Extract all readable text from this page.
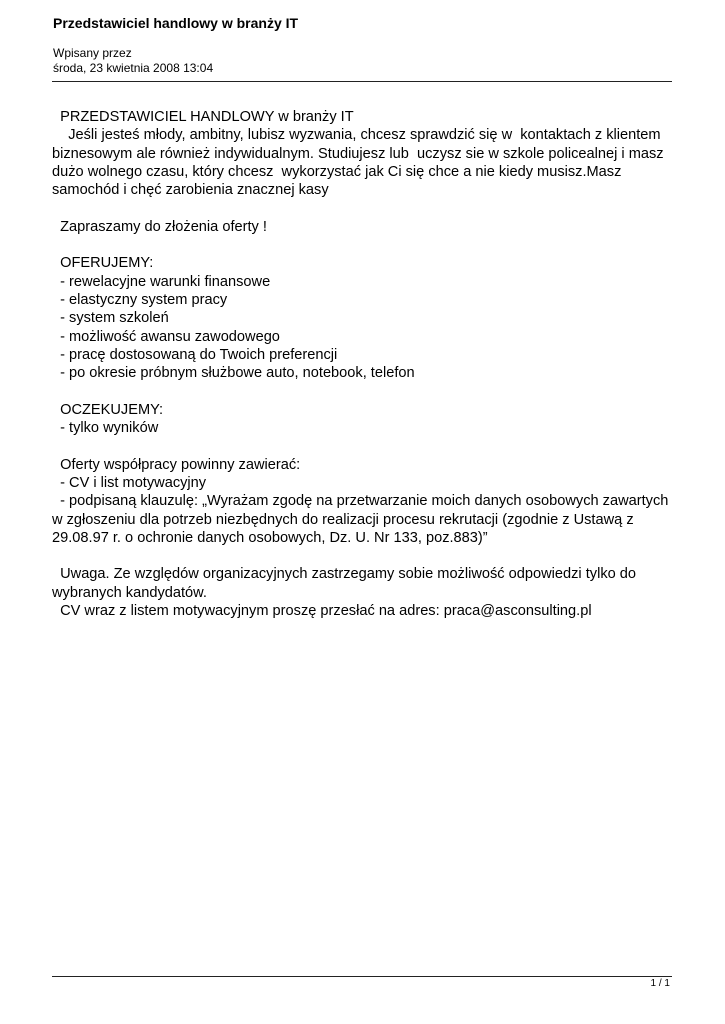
Przedstawiciel handlowy w branży IT
Wpisany przez
środa, 23 kwietnia 2008 13:04
PRZEDSTAWICIEL HANDLOWY w branży IT
Jeśli jesteś młody, ambitny, lubisz wyzwania, chcesz sprawdzić się w  kontaktach z klientem
biznesowym ale również indywidualnym. Studiujesz lub  uczysz sie w szkole policealnej i masz
dużo wolnego czasu, który chcesz  wykorzystać jak Ci się chce a nie kiedy musisz.Masz
samochód i chęć zarobienia znacznej kasy
Zapraszamy do złożenia oferty !
OFERUJEMY:
- rewelacyjne warunki finansowe
- elastyczny system pracy
- system szkoleń
- możliwość awansu zawodowego
- pracę dostosowaną do Twoich preferencji
- po okresie próbnym służbowe auto, notebook, telefon
OCZEKUJEMY:
- tylko wyników
Oferty współpracy powinny zawierać:
- CV i list motywacyjny
- podpisaną klauzulę: „Wyrażam zgodę na przetwarzanie moich danych osobowych zawartych
w zgłoszeniu dla potrzeb niezbędnych do realizacji procesu rekrutacji (zgodnie z Ustawą z
29.08.97 r. o ochronie danych osobowych, Dz. U. Nr 133, poz.883)”
Uwaga. Ze względów organizacyjnych zastrzegamy sobie możliwość odpowiedzi tylko do
wybranych kandydatów.
CV wraz z listem motywacyjnym proszę przesłać na adres: praca@asconsulting.pl
1 / 1
